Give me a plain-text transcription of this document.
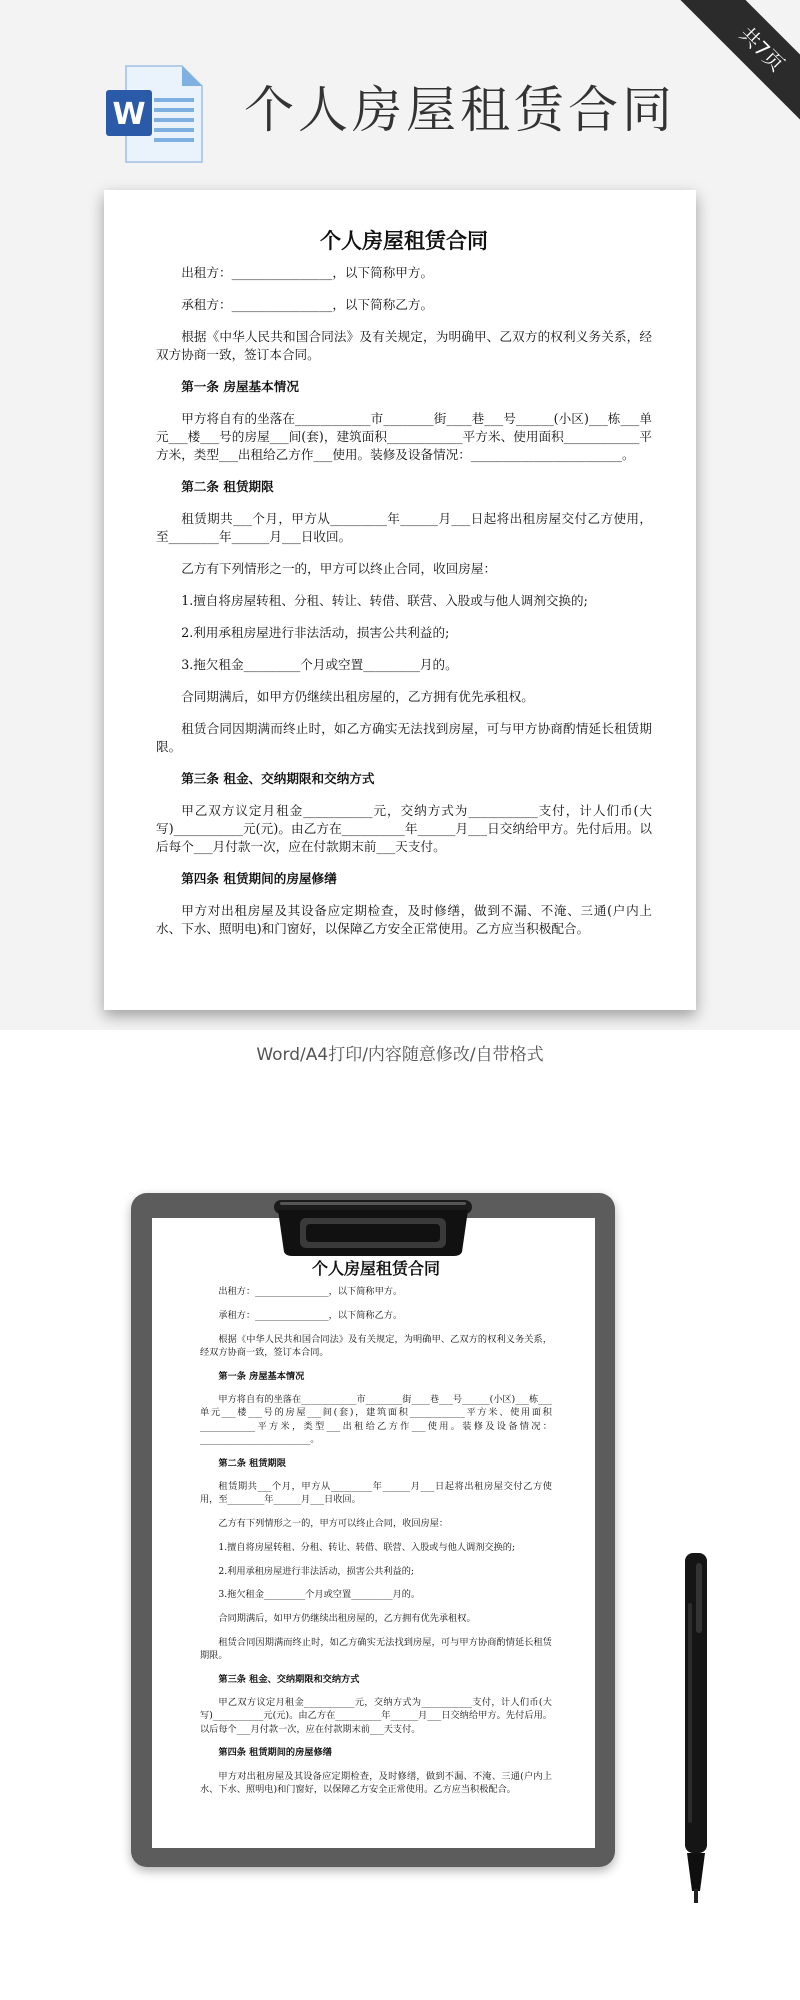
共7页
W 个人房屋租赁合同
个人房屋租赁合同

出租方：________________，以下简称甲方。

承租方：________________，以下简称乙方。

根据《中华人民共和国合同法》及有关规定，为明确甲、乙双方的权利义务关系，经双方协商一致，签订本合同。

第一条 房屋基本情况

甲方将自有的坐落在____________市________街____巷___号______(小区)___栋___单元___楼___号的房屋___间(套)，建筑面积____________平方米、使用面积____________平方米，类型___出租给乙方作___使用。装修及设备情况：________________________。

第二条 租赁期限

租赁期共___个月，甲方从_________年______月___日起将出租房屋交付乙方使用，至________年______月___日收回。

乙方有下列情形之一的，甲方可以终止合同，收回房屋：

1.擅自将房屋转租、分租、转让、转借、联营、入股或与他人调剂交换的;

2.利用承租房屋进行非法活动，损害公共利益的;

3.拖欠租金_________个月或空置_________月的。

合同期满后，如甲方仍继续出租房屋的，乙方拥有优先承租权。

租赁合同因期满而终止时，如乙方确实无法找到房屋，可与甲方协商酌情延长租赁期限。

第三条 租金、交纳期限和交纳方式

甲乙双方议定月租金___________元，交纳方式为___________支付，计人们币(大写)___________元(元)。由乙方在__________年______月___日交纳给甲方。先付后用。以后每个___月付款一次，应在付款期末前___天支付。

第四条 租赁期间的房屋修缮

甲方对出租房屋及其设备应定期检查，及时修缮，做到不漏、不淹、三通(户内上水、下水、照明电)和门窗好，以保障乙方安全正常使用。乙方应当积极配合。

Word/A4打印/内容随意修改/自带格式
个人房屋租赁合同

出租方：________________，以下简称甲方。

承租方：________________，以下简称乙方。

根据《中华人民共和国合同法》及有关规定，为明确甲、乙双方的权利义务关系，经双方协商一致，签订本合同。

第一条 房屋基本情况

甲方将自有的坐落在____________市________街____巷___号______(小区)___栋___单元___楼___号的房屋___间(套)，建筑面积____________平方米、使用面积____________平方米，类型___出租给乙方作___使用。装修及设备情况：________________________。

第二条 租赁期限

租赁期共___个月，甲方从_________年______月___日起将出租房屋交付乙方使用，至________年______月___日收回。

乙方有下列情形之一的，甲方可以终止合同，收回房屋：

1.擅自将房屋转租、分租、转让、转借、联营、入股或与他人调剂交换的;

2.利用承租房屋进行非法活动，损害公共利益的;

3.拖欠租金_________个月或空置_________月的。

合同期满后，如甲方仍继续出租房屋的，乙方拥有优先承租权。

租赁合同因期满而终止时，如乙方确实无法找到房屋，可与甲方协商酌情延长租赁期限。

第三条 租金、交纳期限和交纳方式

甲乙双方议定月租金___________元，交纳方式为___________支付，计人们币(大写)___________元(元)。由乙方在__________年______月___日交纳给甲方。先付后用。以后每个___月付款一次，应在付款期末前___天支付。

第四条 租赁期间的房屋修缮

甲方对出租房屋及其设备应定期检查，及时修缮，做到不漏、不淹、三通(户内上水、下水、照明电)和门窗好，以保障乙方安全正常使用。乙方应当积极配合。
